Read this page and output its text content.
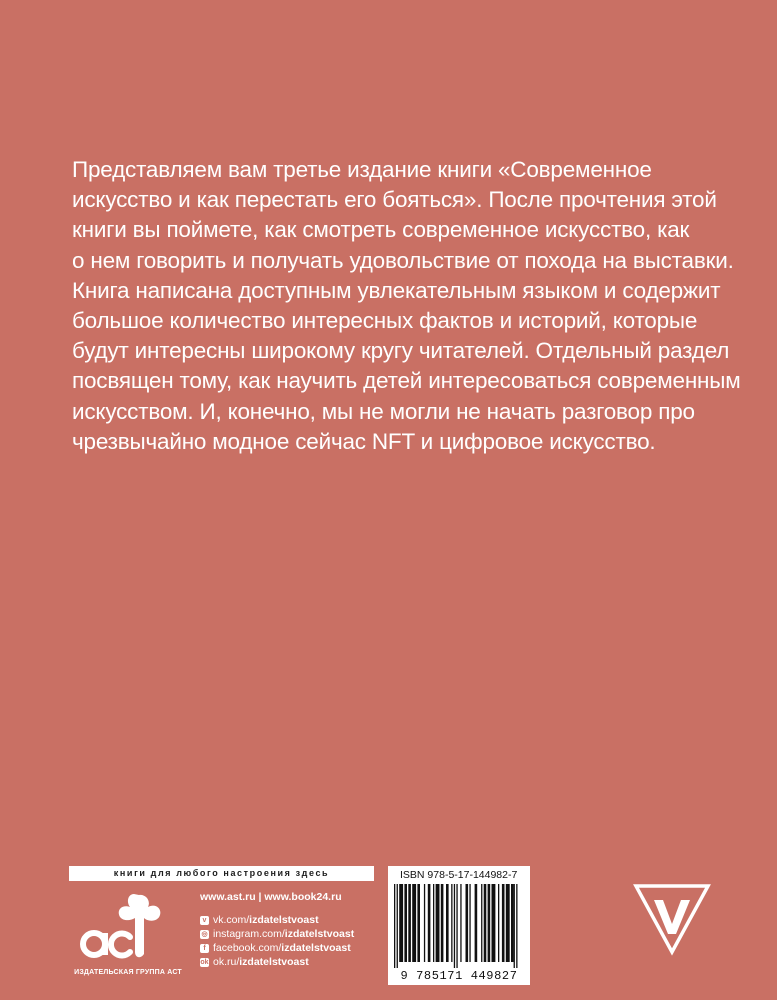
Представляем вам третье издание книги «Современное
искусство и как перестать его бояться». После прочтения этой
книги вы поймете, как смотреть современное искусство, как
о нем говорить и получать удовольствие от похода на выставки.
Книга написана доступным увлекательным языком и содержит
большое количество интересных фактов и историй, которые
будут интересны широкому кругу читателей. Отдельный раздел
посвящен тому, как научить детей интересоваться современным
искусством. И, конечно, мы не могли не начать разговор про
чрезвычайно модное сейчас NFT и цифровое искусство.
книги для любого настроения здесь
ИЗДАТЕЛЬСКАЯ ГРУППА АСТ
www.ast.ru | www.book24.ru
v vk.com/ izdatelstvoast
◎ instagram.com/ izdatelstvoast
f facebook.com/ izdatelstvoast
ok ok.ru/ izdatelstvoast
ISBN 978-5-17-144982-7
9 785171 449827
